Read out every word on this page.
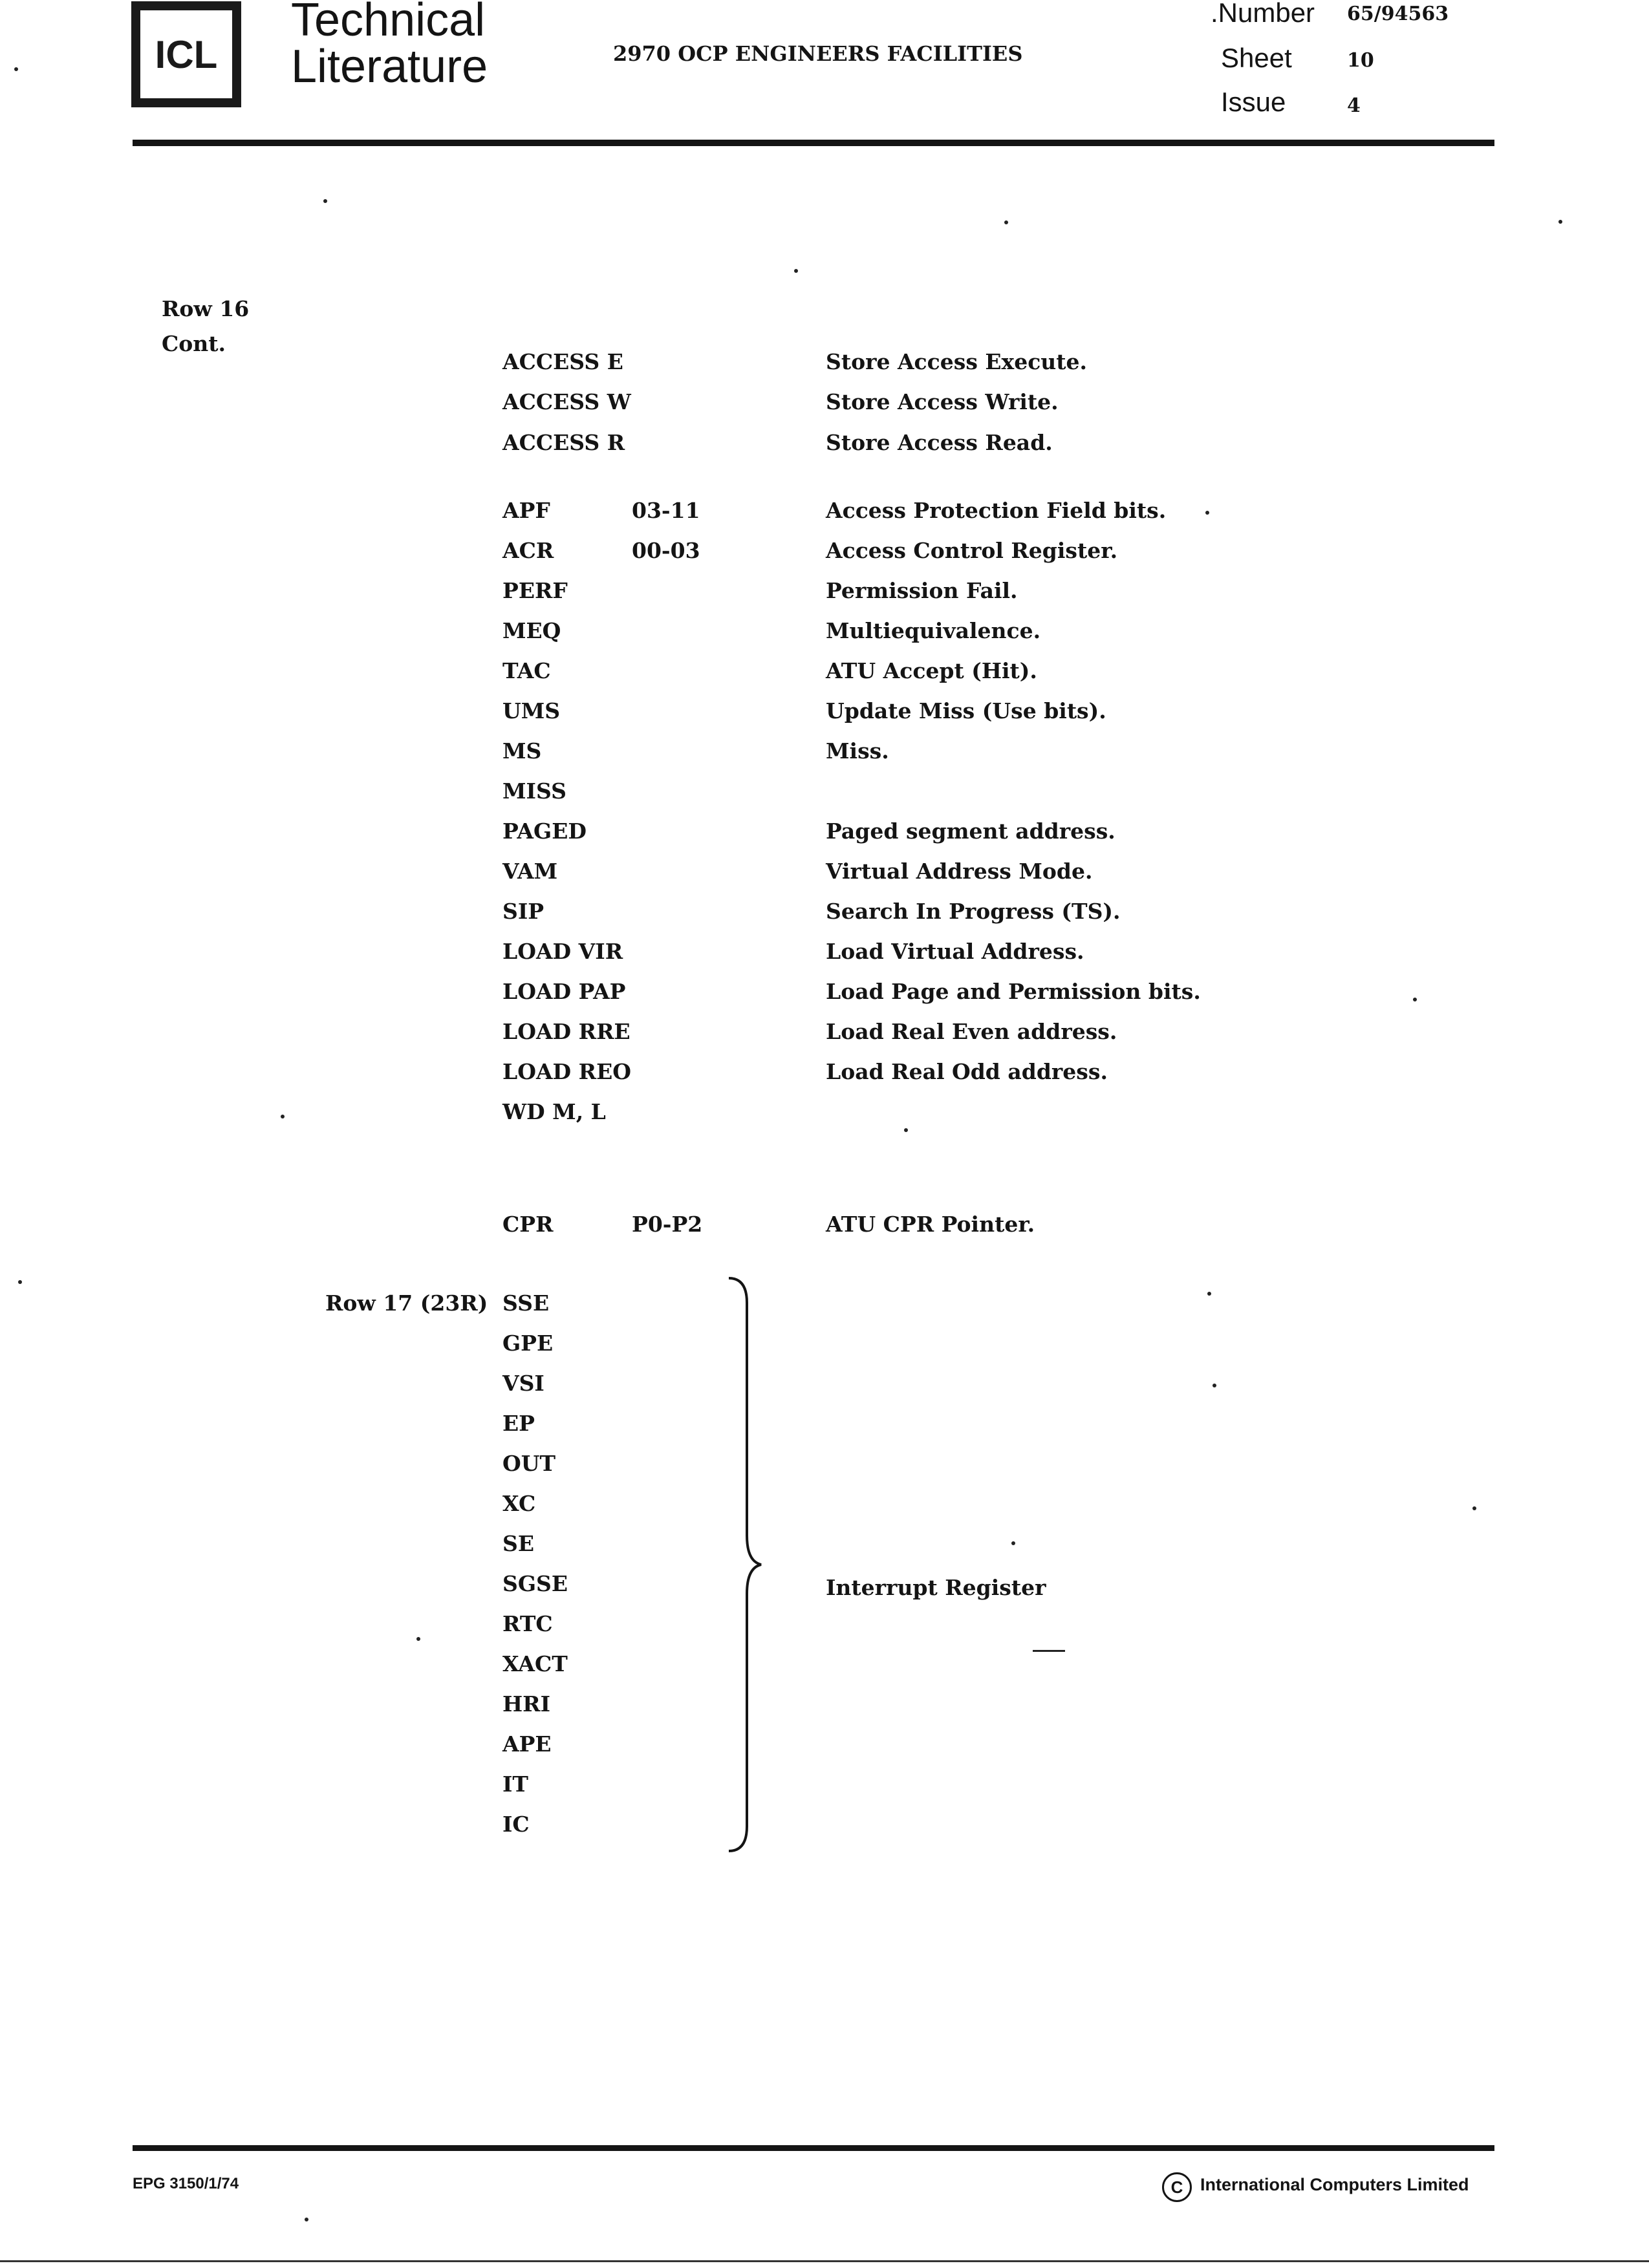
ICL
Technical
Literature	2970 OCP ENGINEERS FACILITIES
.Number 65/94563
Sheet	10
Issue	4
Row 16
Cont.
ACCESS E	Store Access Execute.
ACCESS W	Store Access Write.
ACCESS R	Store Access Read.
APF	03-11	Access Protection Field bits.
ACR	00-03	Access Control Register.
PERF	Permission Fail.
MEQ	Multiequivalence.
TAC	ATU Accept (Hit).
UMS	Update Miss (Use bits).
MS	Miss.
MISS
PAGED	Paged segment address.
VAM	Virtual Address Mode.
SIP	Search In Progress (TS).
LOAD VIR	Load Virtual Address.
LOAD PAP	Load Page and Permission bits.
LOAD RRE	Load Real Even address.
LOAD REO	Load Real Odd address.
WD M, L
CPR	P0-P2	ATU CPR Pointer.
Row 17 (23R) SSE
GPE
VSI
EP
OUT
XC
SE
SGSE
RTC
XACT
HRI
APE
IT
IC
Interrupt Register
EPG 3150/1/74	C International Computers Limited
